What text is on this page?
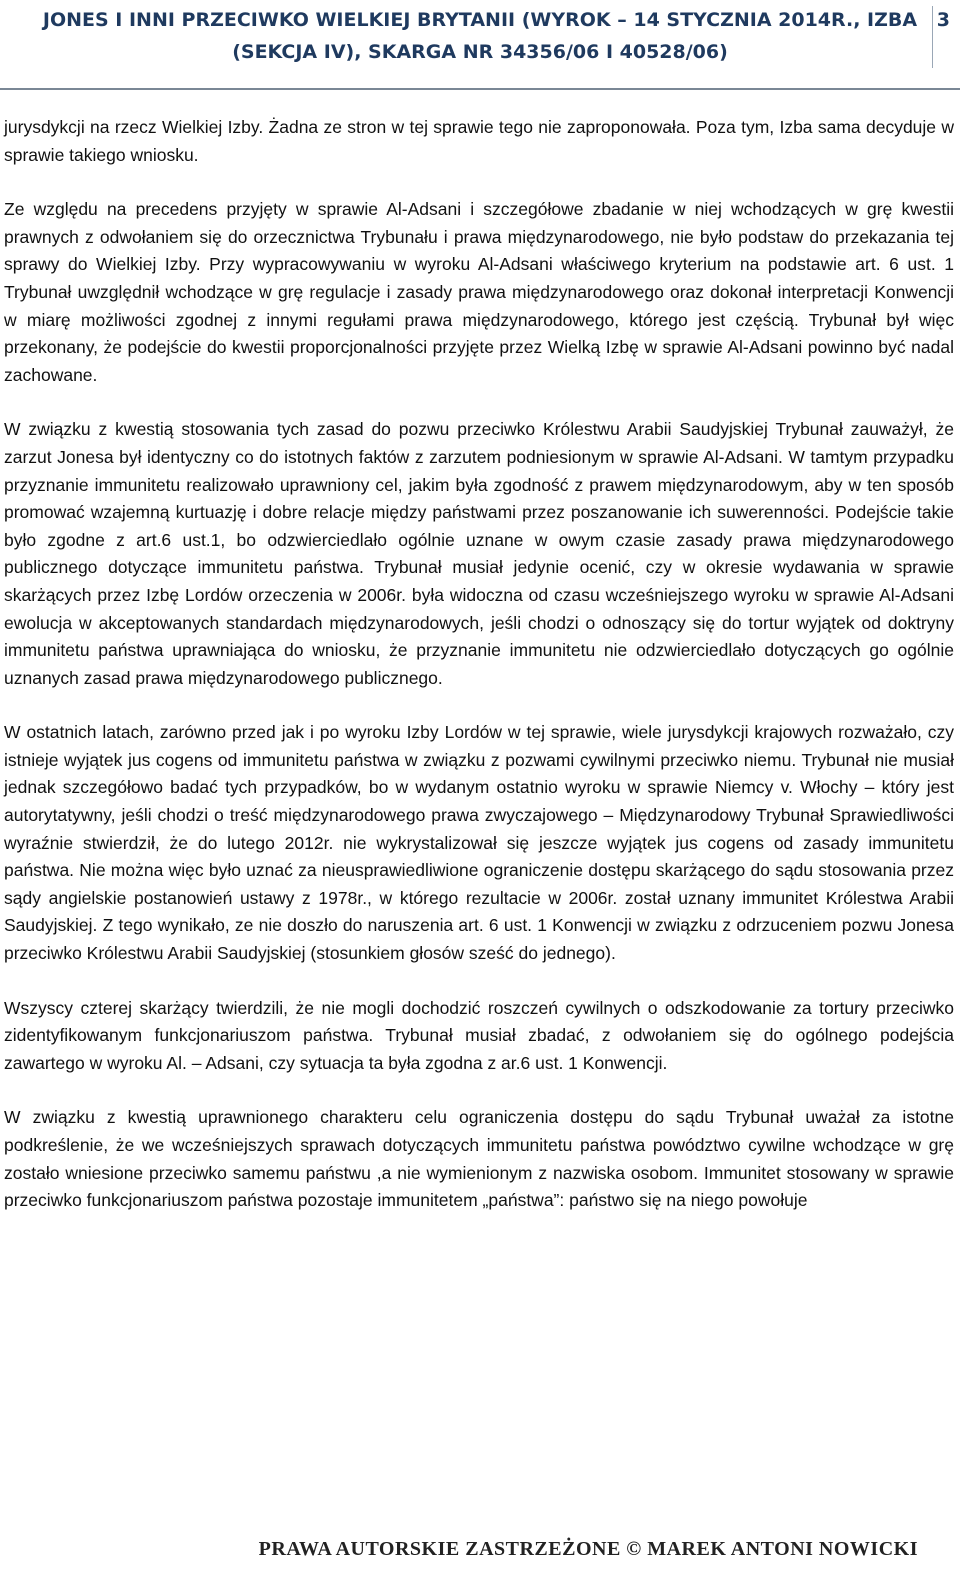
JONES I INNI PRZECIWKO WIELKIEJ BRYTANII (WYROK – 14 STYCZNIA 2014R., IZBA (SEKCJA IV), SKARGA NR 34356/06 I 40528/06)
3

jurysdykcji na rzecz Wielkiej Izby. Żadna ze stron w tej sprawie tego nie zaproponowała. Poza tym, Izba sama decyduje w sprawie takiego wniosku.

Ze względu na precedens przyjęty w sprawie Al-Adsani i szczegółowe zbadanie w niej wchodzących w grę kwestii prawnych z odwołaniem się do orzecznictwa Trybunału i prawa międzynarodowego, nie było podstaw do przekazania tej sprawy do Wielkiej Izby. Przy wypracowywaniu w wyroku Al-Adsani właściwego kryterium na podstawie art. 6 ust. 1 Trybunał uwzględnił wchodzące w grę regulacje i zasady prawa międzynarodowego oraz dokonał interpretacji Konwencji w miarę możliwości zgodnej z innymi regułami prawa międzynarodowego, którego jest częścią. Trybunał był więc przekonany, że podejście do kwestii proporcjonalności przyjęte przez Wielką Izbę w sprawie Al-Adsani powinno być nadal zachowane.

W związku z kwestią stosowania tych zasad do pozwu przeciwko Królestwu Arabii Saudyjskiej Trybunał zauważył, że zarzut Jonesa był identyczny co do istotnych faktów z zarzutem podniesionym w sprawie Al-Adsani. W tamtym przypadku przyznanie immunitetu realizowało uprawniony cel, jakim była zgodność z prawem międzynarodowym, aby w ten sposób promować wzajemną kurtuazję i dobre relacje między państwami przez poszanowanie ich suwerenności. Podejście takie było zgodne z art.6 ust.1, bo odzwierciedlało ogólnie uznane w owym czasie zasady prawa międzynarodowego publicznego dotyczące immunitetu państwa. Trybunał musiał jedynie ocenić, czy w okresie wydawania w sprawie skarżących przez Izbę Lordów orzeczenia w 2006r. była widoczna od czasu wcześniejszego wyroku w sprawie Al-Adsani ewolucja w akceptowanych standardach międzynarodowych, jeśli chodzi o odnoszący się do tortur wyjątek od doktryny immunitetu państwa uprawniająca do wniosku, że przyznanie immunitetu nie odzwierciedlało dotyczących go ogólnie uznanych zasad prawa międzynarodowego publicznego.

W ostatnich latach, zarówno przed jak i po wyroku Izby Lordów w tej sprawie, wiele jurysdykcji krajowych rozważało, czy istnieje wyjątek jus cogens od immunitetu państwa w związku z pozwami cywilnymi przeciwko niemu. Trybunał nie musiał jednak szczegółowo badać tych przypadków, bo w wydanym ostatnio wyroku w sprawie Niemcy v. Włochy – który jest autorytatywny, jeśli chodzi o treść międzynarodowego prawa zwyczajowego – Międzynarodowy Trybunał Sprawiedliwości wyraźnie stwierdził, że do lutego 2012r. nie wykrystalizował się jeszcze wyjątek jus cogens od zasady immunitetu państwa. Nie można więc było uznać za nieusprawiedliwione ograniczenie dostępu skarżącego do sądu stosowania przez sądy angielskie postanowień ustawy z 1978r., w którego rezultacie w 2006r. został uznany immunitet Królestwa Arabii Saudyjskiej. Z tego wynikało, ze nie doszło do naruszenia art. 6 ust. 1 Konwencji w związku z odrzuceniem pozwu Jonesa przeciwko Królestwu Arabii Saudyjskiej (stosunkiem głosów sześć do jednego).

Wszyscy czterej skarżący twierdzili, że nie mogli dochodzić roszczeń cywilnych o odszkodowanie za tortury przeciwko zidentyfikowanym funkcjonariuszom państwa. Trybunał musiał zbadać, z odwołaniem się do ogólnego podejścia zawartego w wyroku Al. – Adsani, czy sytuacja ta była zgodna z ar.6 ust. 1 Konwencji.

W związku z kwestią uprawnionego charakteru celu ograniczenia dostępu do sądu Trybunał uważał za istotne podkreślenie, że we wcześniejszych sprawach dotyczących immunitetu państwa powództwo cywilne wchodzące w grę zostało wniesione przeciwko samemu państwu ,a nie wymienionym z nazwiska osobom. Immunitet stosowany w sprawie przeciwko funkcjonariuszom państwa pozostaje immunitetem „państwa”: państwo się na niego powołuje

PRAWA AUTORSKIE ZASTRZEŻONE © MAREK ANTONI NOWICKI
